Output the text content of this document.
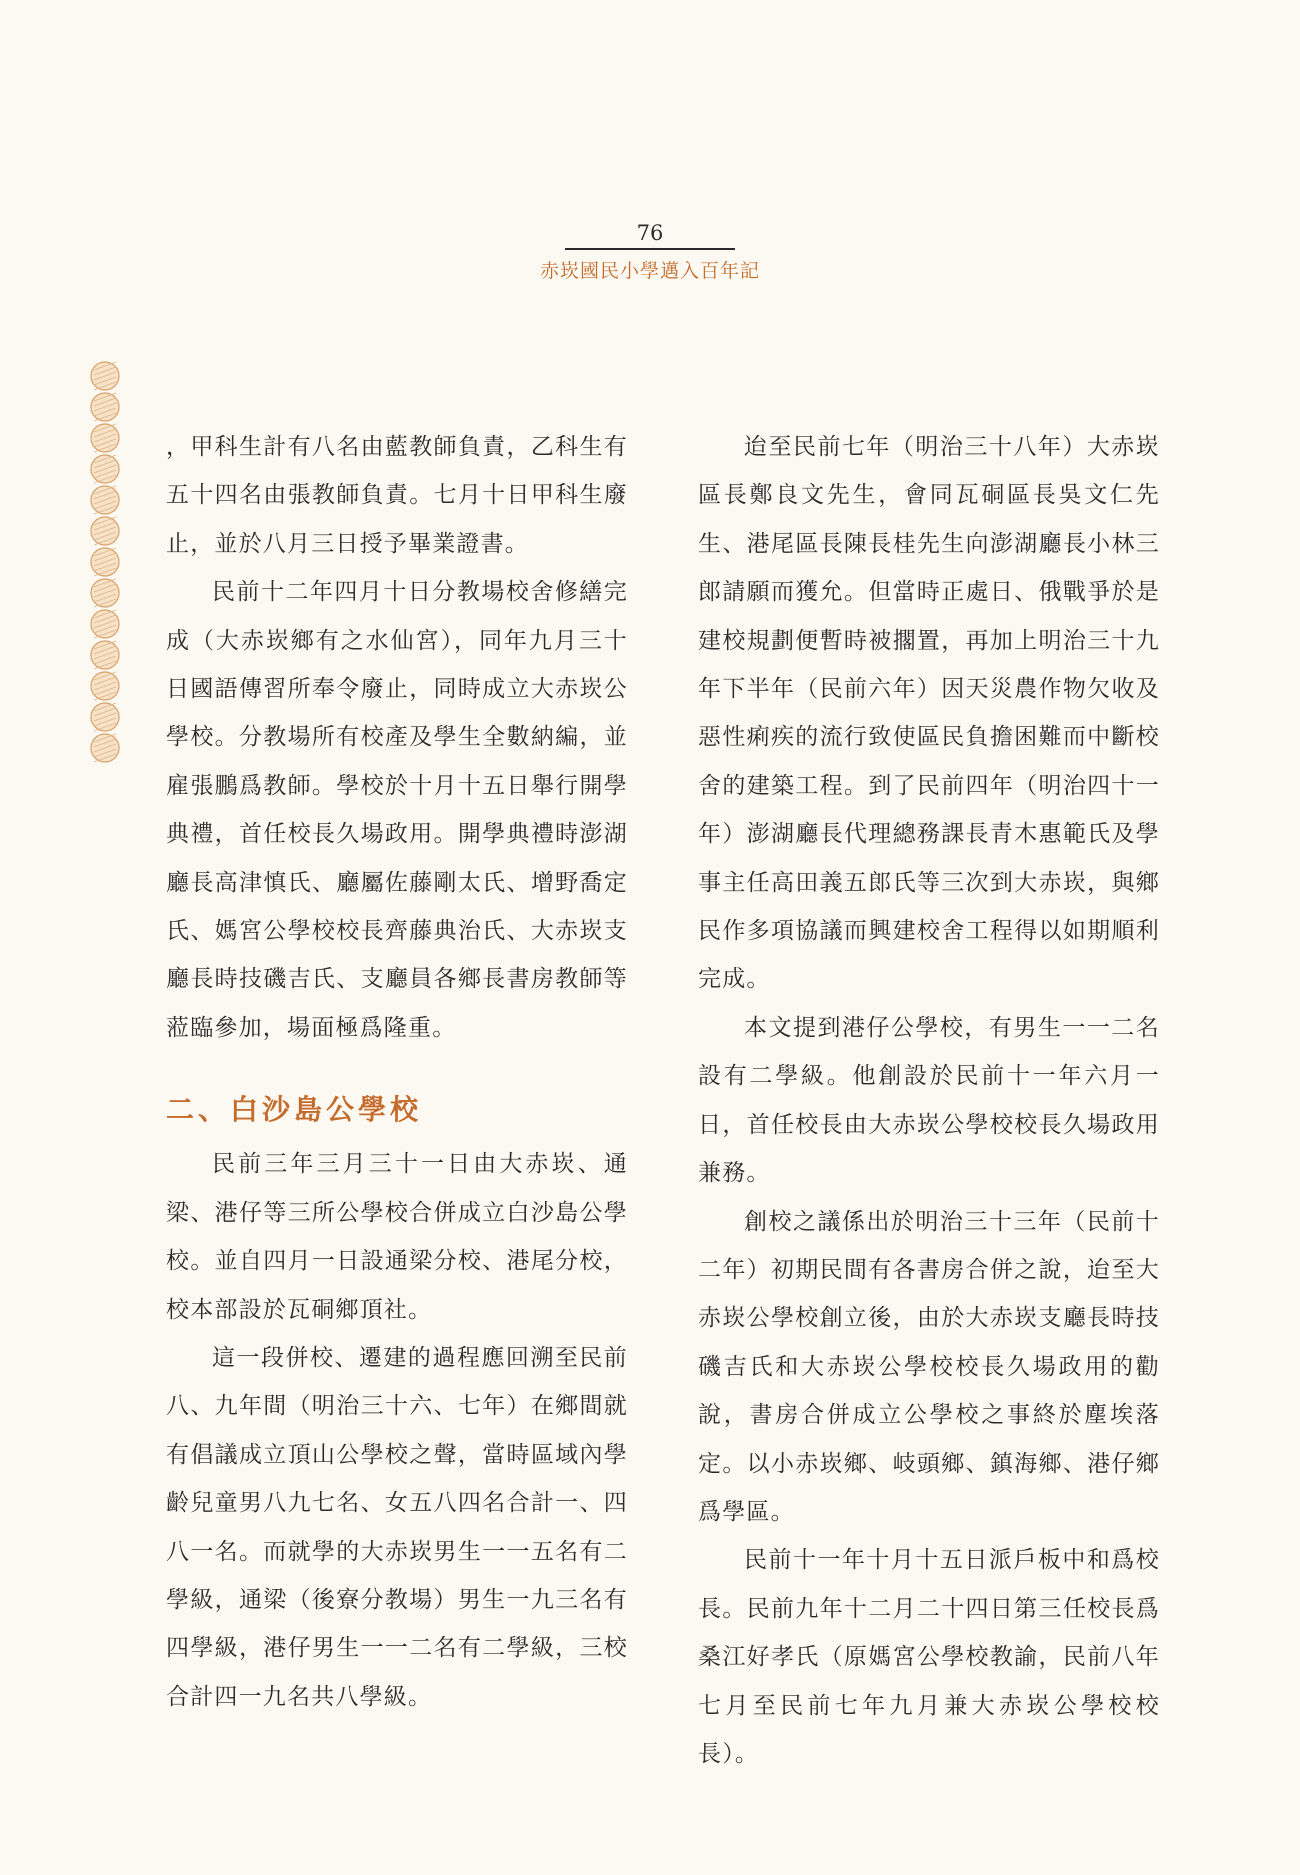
76
赤崁國民小學邁入百年記

，甲科生計有八名由藍教師負責，乙科生有五十四名由張教師負責。七月十日甲科生廢止，並於八月三日授予畢業證書。

民前十二年四月十日分教場校舍修繕完成（大赤崁鄉有之水仙宮），同年九月三十日國語傳習所奉令廢止，同時成立大赤崁公學校。分教場所有校產及學生全數納編，並雇張鵬爲教師。學校於十月十五日舉行開學典禮，首任校長久場政用。開學典禮時澎湖廳長高津慎氏、廳屬佐藤剛太氏、增野喬定氏、媽宮公學校校長齊藤典治氏、大赤崁支廳長時技磯吉氏、支廳員各鄉長書房教師等蒞臨參加，場面極爲隆重。

二、白沙島公學校

民前三年三月三十一日由大赤崁、通梁、港仔等三所公學校合併成立白沙島公學校。並自四月一日設通梁分校、港尾分校，校本部設於瓦硐鄉頂社。

這一段併校、遷建的過程應回溯至民前八、九年間（明治三十六、七年）在鄉間就有倡議成立頂山公學校之聲，當時區域內學齡兒童男八九七名、女五八四名合計一、四八一名。而就學的大赤崁男生一一五名有二學級，通梁（後寮分教場）男生一九三名有四學級，港仔男生一一二名有二學級，三校合計四一九名共八學級。

迨至民前七年（明治三十八年）大赤崁區長鄭良文先生，會同瓦硐區長吳文仁先生、港尾區長陳長桂先生向澎湖廳長小林三郎請願而獲允。但當時正處日、俄戰爭於是建校規劃便暫時被擱置，再加上明治三十九年下半年（民前六年）因天災農作物欠收及惡性痢疾的流行致使區民負擔困難而中斷校舍的建築工程。到了民前四年（明治四十一年）澎湖廳長代理總務課長青木惠範氏及學事主任高田義五郎氏等三次到大赤崁，與鄉民作多項協議而興建校舍工程得以如期順利完成。

本文提到港仔公學校，有男生一一二名設有二學級。他創設於民前十一年六月一日，首任校長由大赤崁公學校校長久場政用兼務。

創校之議係出於明治三十三年（民前十二年）初期民間有各書房合併之說，迨至大赤崁公學校創立後，由於大赤崁支廳長時技磯吉氏和大赤崁公學校校長久場政用的勸說，書房合併成立公學校之事終於塵埃落定。以小赤崁鄉、岐頭鄉、鎮海鄉、港仔鄉爲學區。

民前十一年十月十五日派戶板中和爲校長。民前九年十二月二十四日第三任校長爲桑江好孝氏（原媽宮公學校教諭，民前八年七月至民前七年九月兼大赤崁公學校校長）。
